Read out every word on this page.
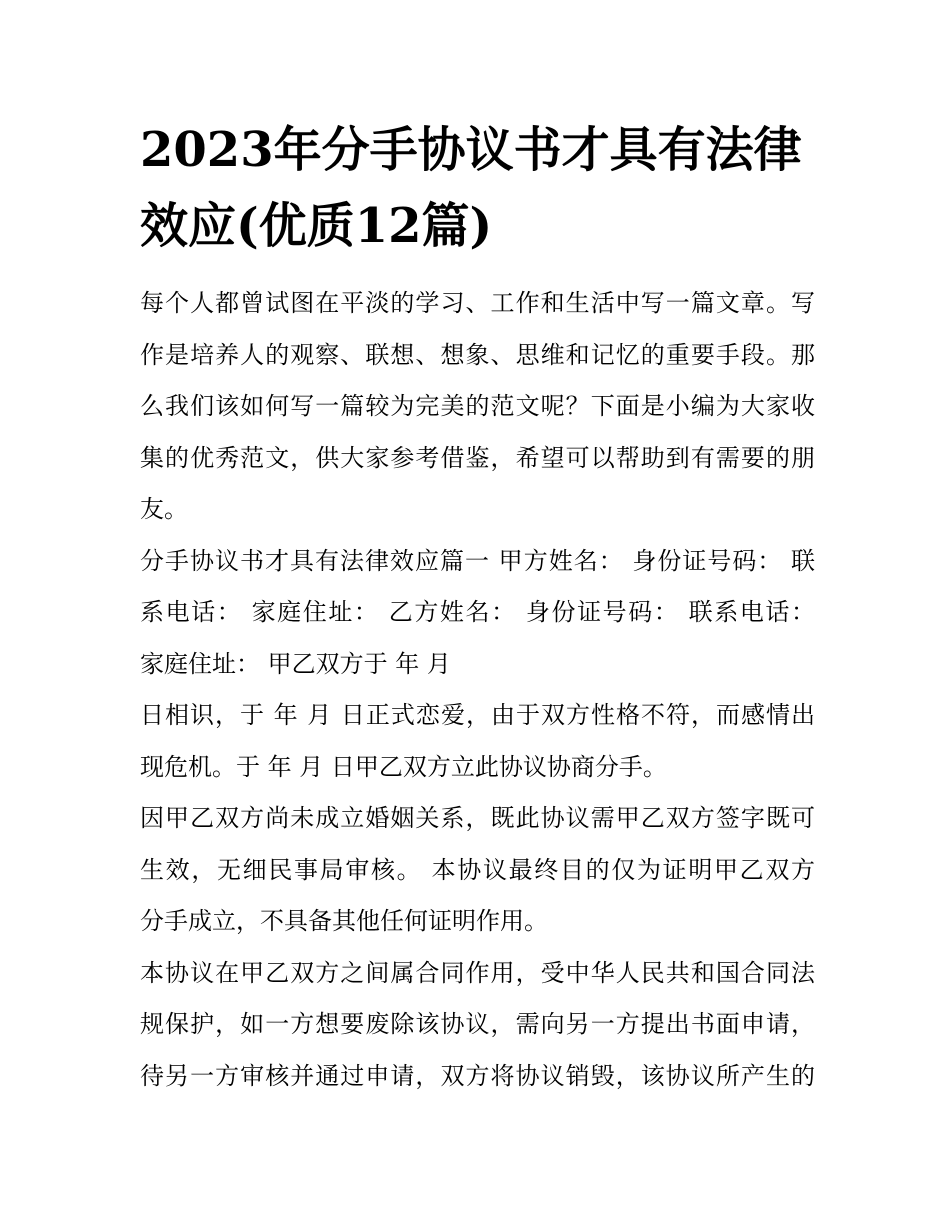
2023年分手协议书才具有法律
效应(优质12篇)
每个人都曾试图在平淡的学习、工作和生活中写一篇文章。写
作是培养人的观察、联想、想象、思维和记忆的重要手段。那
么我们该如何写一篇较为完美的范文呢？下面是小编为大家收
集的优秀范文，供大家参考借鉴，希望可以帮助到有需要的朋
友。
分手协议书才具有法律效应篇一 甲方姓名： 身份证号码： 联
系电话： 家庭住址： 乙方姓名： 身份证号码： 联系电话：
家庭住址： 甲乙双方于 年 月
日相识，于 年 月 日正式恋爱，由于双方性格不符，而感情出
现危机。于 年 月 日甲乙双方立此协议协商分手。
因甲乙双方尚未成立婚姻关系，既此协议需甲乙双方签字既可
生效，无细民事局审核。 本协议最终目的仅为证明甲乙双方
分手成立，不具备其他任何证明作用。
本协议在甲乙双方之间属合同作用，受中华人民共和国合同法
规保护，如一方想要废除该协议，需向另一方提出书面申请，
待另一方审核并通过申请，双方将协议销毁，该协议所产生的
